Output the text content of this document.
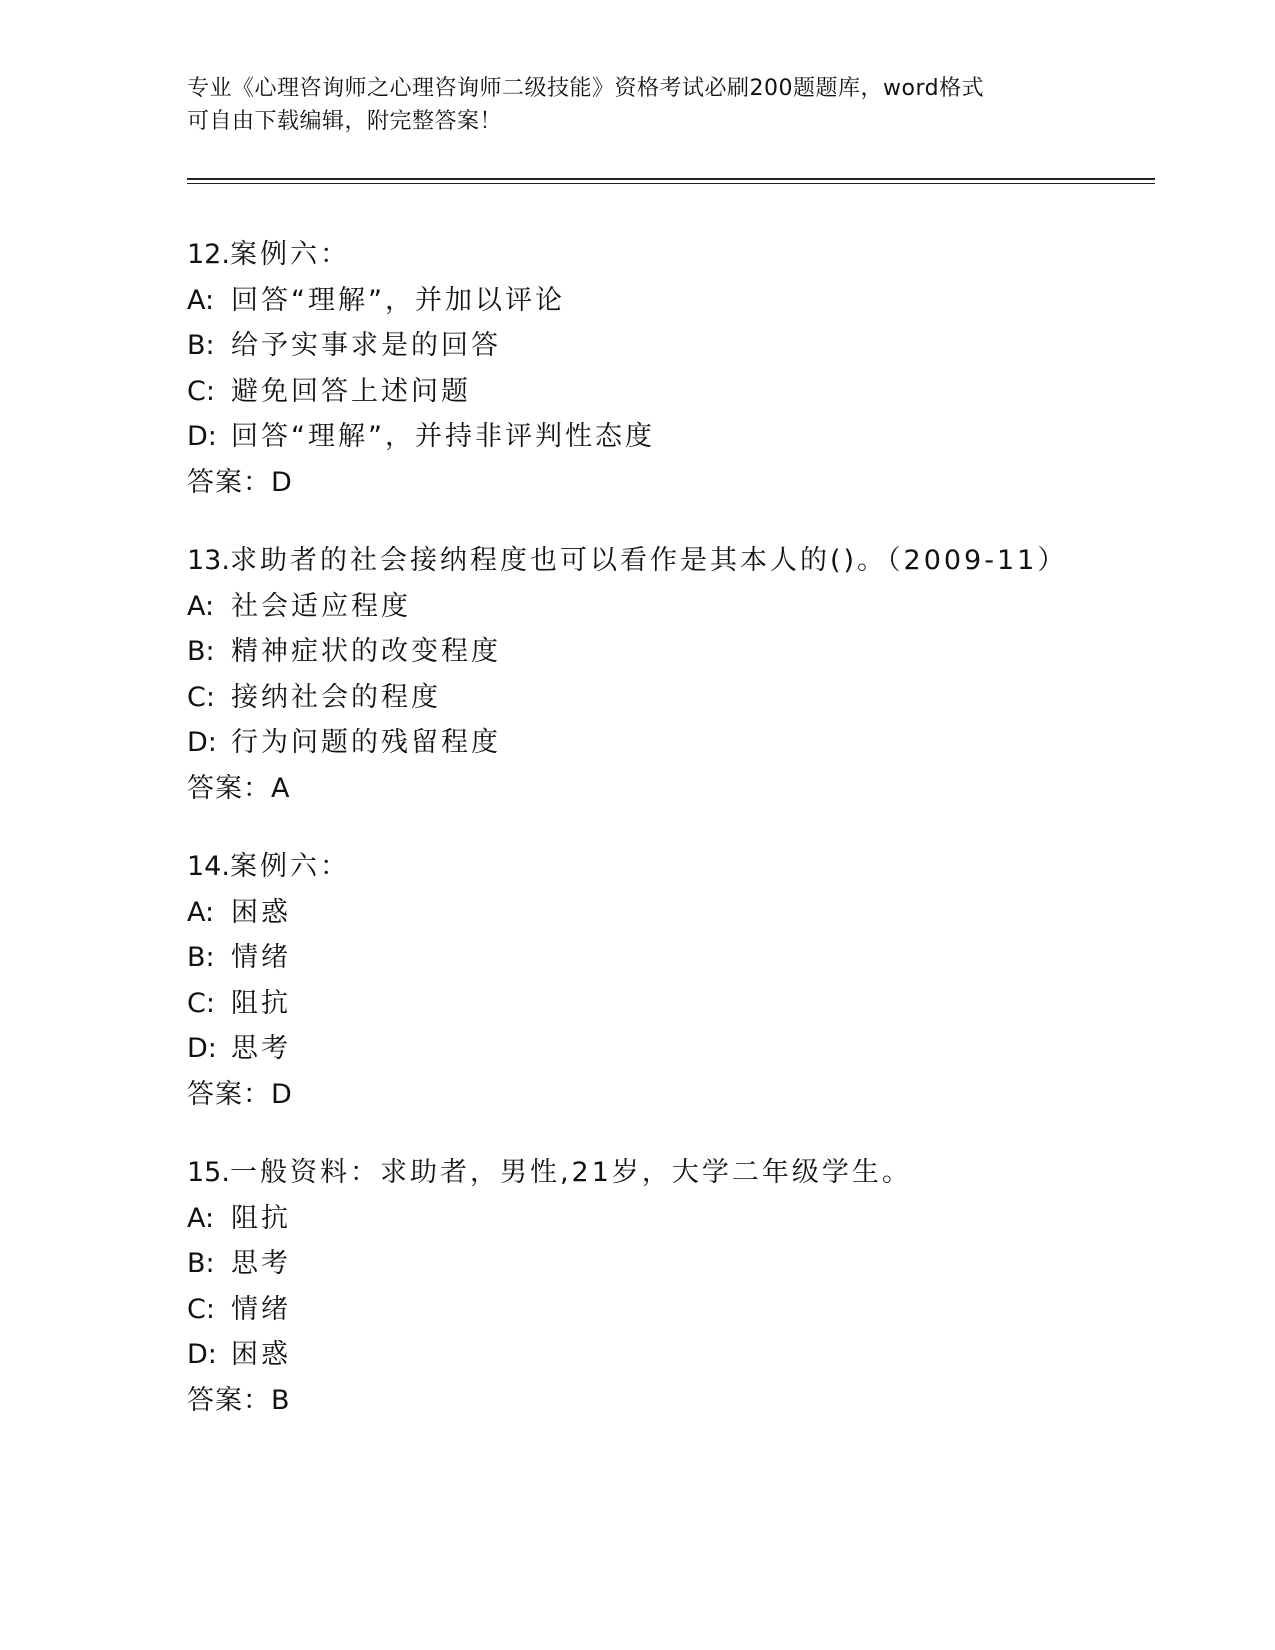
专业《心理咨询师之心理咨询师二级技能》资格考试必刷200题题库，word格式
可自由下载编辑，附完整答案！
12.案例六：
A: 回答“理解”，并加以评论
B: 给予实事求是的回答
C: 避免回答上述问题
D: 回答“理解”，并持非评判性态度
答案：D
13.求助者的社会接纳程度也可以看作是其本人的()。（2009-11）
A: 社会适应程度
B: 精神症状的改变程度
C: 接纳社会的程度
D: 行为问题的残留程度
答案：A
14.案例六：
A: 困惑
B: 情绪
C: 阻抗
D: 思考
答案：D
15.一般资料：求助者，男性,21岁，大学二年级学生。
A: 阻抗
B: 思考
C: 情绪
D: 困惑
答案：B
